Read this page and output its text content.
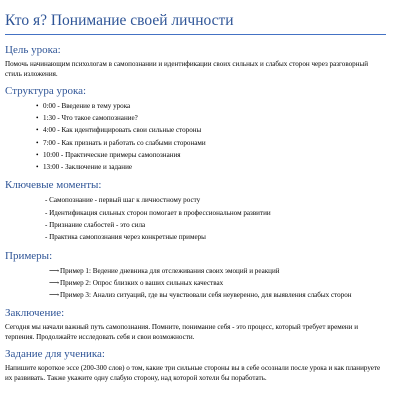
Кто я? Понимание своей личности
Цель урока:

Помочь начинающим психологам в самопознании и идентификации своих сильных и слабых сторон через разговорный стиль изложения.

Структура урока:
• 0:00 - Введение в тему урока
• 1:30 - Что такое самопознание?
• 4:00 - Как идентифицировать свои сильные стороны
• 7:00 - Как признать и работать со слабыми сторонами
• 10:00 - Практические примеры самопознания
• 13:00 - Заключение и задание
Ключевые моменты:
- Самопознание - первый шаг к личностному росту
- Идентификация сильных сторон помогает в профессиональном развитии
- Признание слабостей - это сила
- Практика самопознания через конкретные примеры
Примеры:
⟶Пример 1: Ведение дневника для отслеживания своих эмоций и реакций
⟶Пример 2: Опрос близких о ваших сильных качествах
⟶Пример 3: Анализ ситуаций, где вы чувствовали себя неуверенно, для выявления слабых сторон
Заключение:

Сегодня мы начали важный путь самопознания. Помните, понимание себя - это процесс, который требует времени и терпения. Продолжайте исследовать себя и свои возможности.

Задание для ученика:

Напишите короткое эссе (200-300 слов) о том, какие три сильные стороны вы в себе осознали после урока и как планируете их развивать. Также укажите одну слабую сторону, над которой хотели бы поработать.
